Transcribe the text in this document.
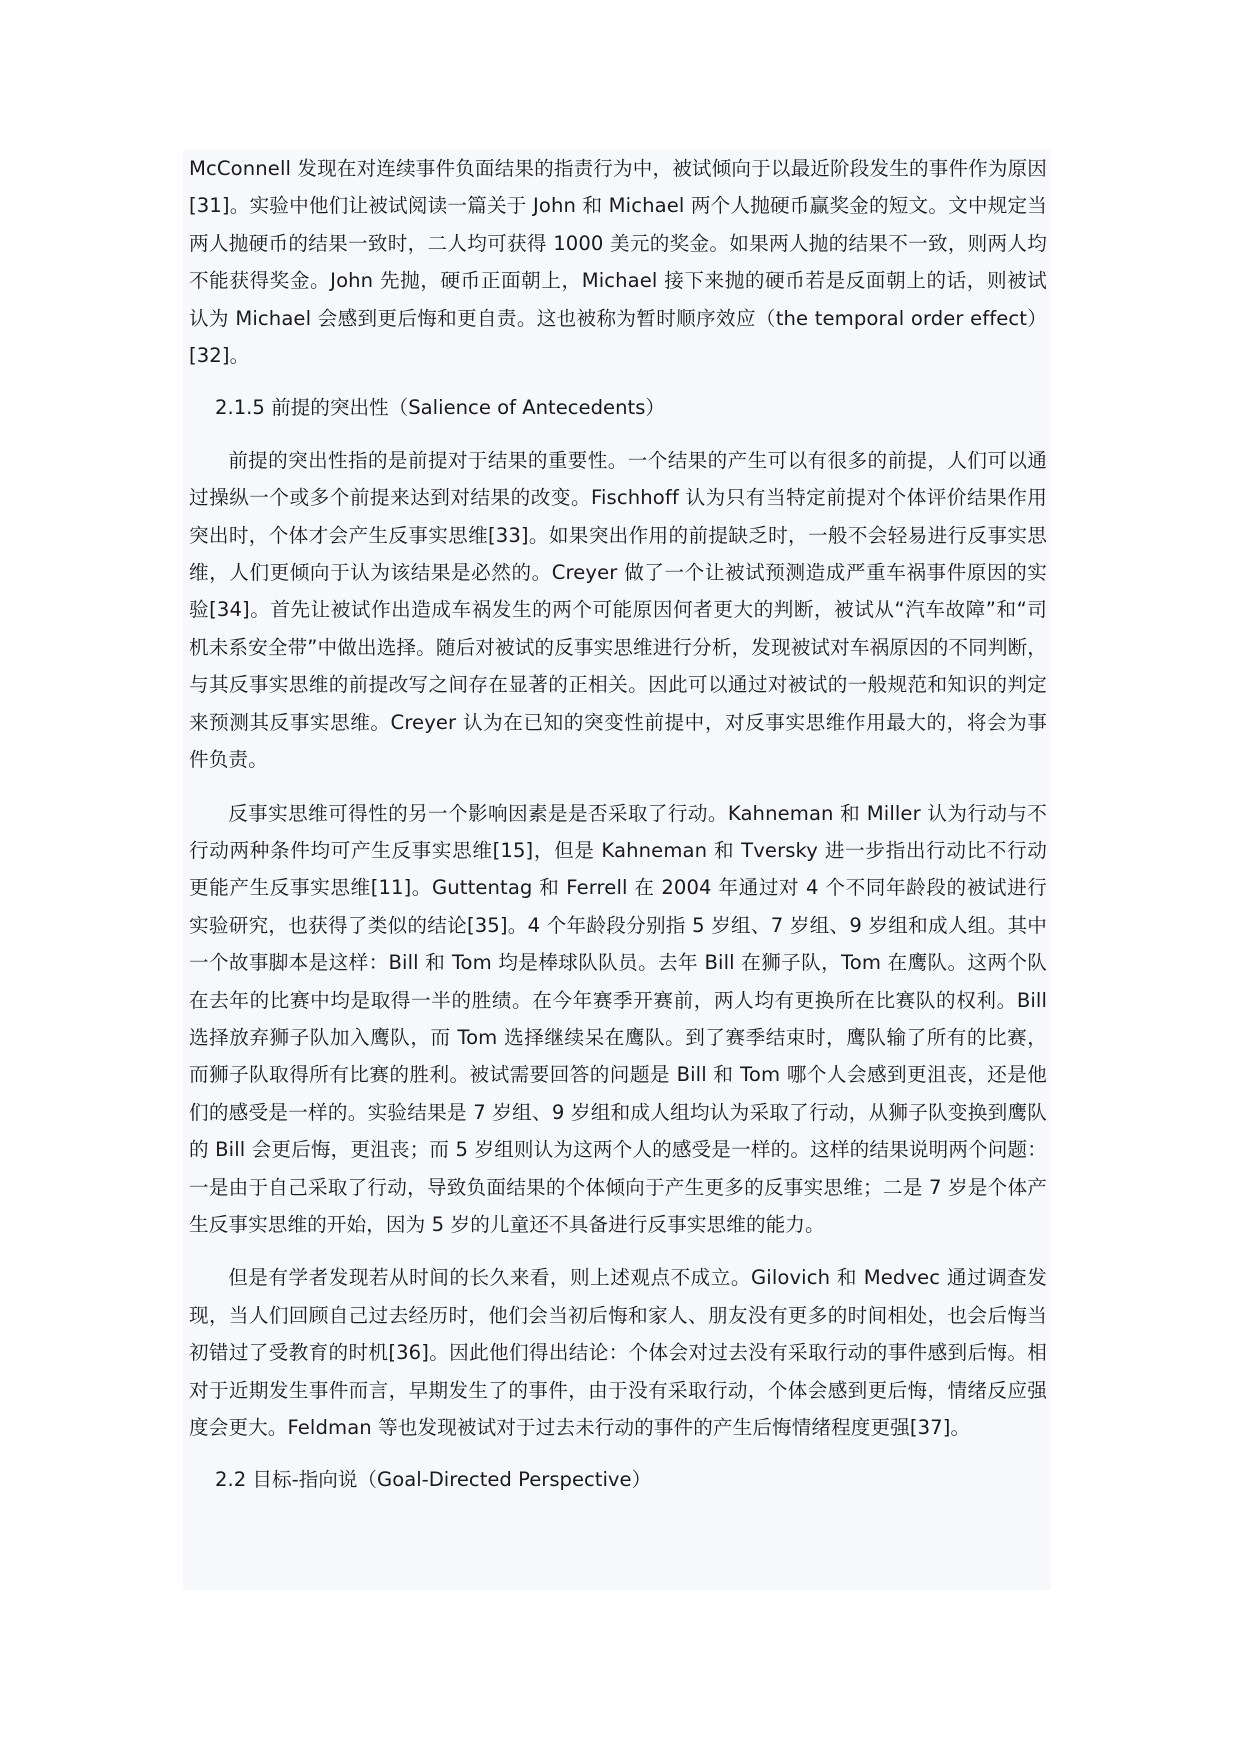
McConnell 发现在对连续事件负面结果的指责行为中，被试倾向于以最近阶段发生的事件作为原因[31]。实验中他们让被试阅读一篇关于 John 和 Michael 两个人抛硬币赢奖金的短文。文中规定当两人抛硬币的结果一致时，二人均可获得 1000 美元的奖金。如果两人抛的结果不一致，则两人均不能获得奖金。John 先抛，硬币正面朝上，Michael 接下来抛的硬币若是反面朝上的话，则被试认为 Michael 会感到更后悔和更自责。这也被称为暂时顺序效应（the temporal order effect）[32]。

2.1.5 前提的突出性（Salience of Antecedents）

前提的突出性指的是前提对于结果的重要性。一个结果的产生可以有很多的前提，人们可以通过操纵一个或多个前提来达到对结果的改变。Fischhoff 认为只有当特定前提对个体评价结果作用突出时，个体才会产生反事实思维[33]。如果突出作用的前提缺乏时，一般不会轻易进行反事实思维，人们更倾向于认为该结果是必然的。Creyer 做了一个让被试预测造成严重车祸事件原因的实验[34]。首先让被试作出造成车祸发生的两个可能原因何者更大的判断，被试从“汽车故障”和“司机未系安全带”中做出选择。随后对被试的反事实思维进行分析，发现被试对车祸原因的不同判断，与其反事实思维的前提改写之间存在显著的正相关。因此可以通过对被试的一般规范和知识的判定来预测其反事实思维。Creyer 认为在已知的突变性前提中，对反事实思维作用最大的，将会为事件负责。

反事实思维可得性的另一个影响因素是是否采取了行动。Kahneman 和 Miller 认为行动与不行动两种条件均可产生反事实思维[15]，但是 Kahneman 和 Tversky 进一步指出行动比不行动更能产生反事实思维[11]。Guttentag 和 Ferrell 在 2004 年通过对 4 个不同年龄段的被试进行实验研究，也获得了类似的结论[35]。4 个年龄段分别指 5 岁组、7 岁组、9 岁组和成人组。其中一个故事脚本是这样：Bill 和 Tom 均是棒球队队员。去年 Bill 在狮子队，Tom 在鹰队。这两个队在去年的比赛中均是取得一半的胜绩。在今年赛季开赛前，两人均有更换所在比赛队的权利。Bill 选择放弃狮子队加入鹰队，而 Tom 选择继续呆在鹰队。到了赛季结束时，鹰队输了所有的比赛，而狮子队取得所有比赛的胜利。被试需要回答的问题是 Bill 和 Tom 哪个人会感到更沮丧，还是他们的感受是一样的。实验结果是 7 岁组、9 岁组和成人组均认为采取了行动，从狮子队变换到鹰队的 Bill 会更后悔，更沮丧；而 5 岁组则认为这两个人的感受是一样的。这样的结果说明两个问题：一是由于自己采取了行动，导致负面结果的个体倾向于产生更多的反事实思维；二是 7 岁是个体产生反事实思维的开始，因为 5 岁的儿童还不具备进行反事实思维的能力。

但是有学者发现若从时间的长久来看，则上述观点不成立。Gilovich 和 Medvec 通过调查发现，当人们回顾自己过去经历时，他们会当初后悔和家人、朋友没有更多的时间相处，也会后悔当初错过了受教育的时机[36]。因此他们得出结论：个体会对过去没有采取行动的事件感到后悔。相对于近期发生事件而言，早期发生了的事件，由于没有采取行动，个体会感到更后悔，情绪反应强度会更大。Feldman 等也发现被试对于过去未行动的事件的产生后悔情绪程度更强[37]。

2.2 目标-指向说（Goal-Directed Perspective）
